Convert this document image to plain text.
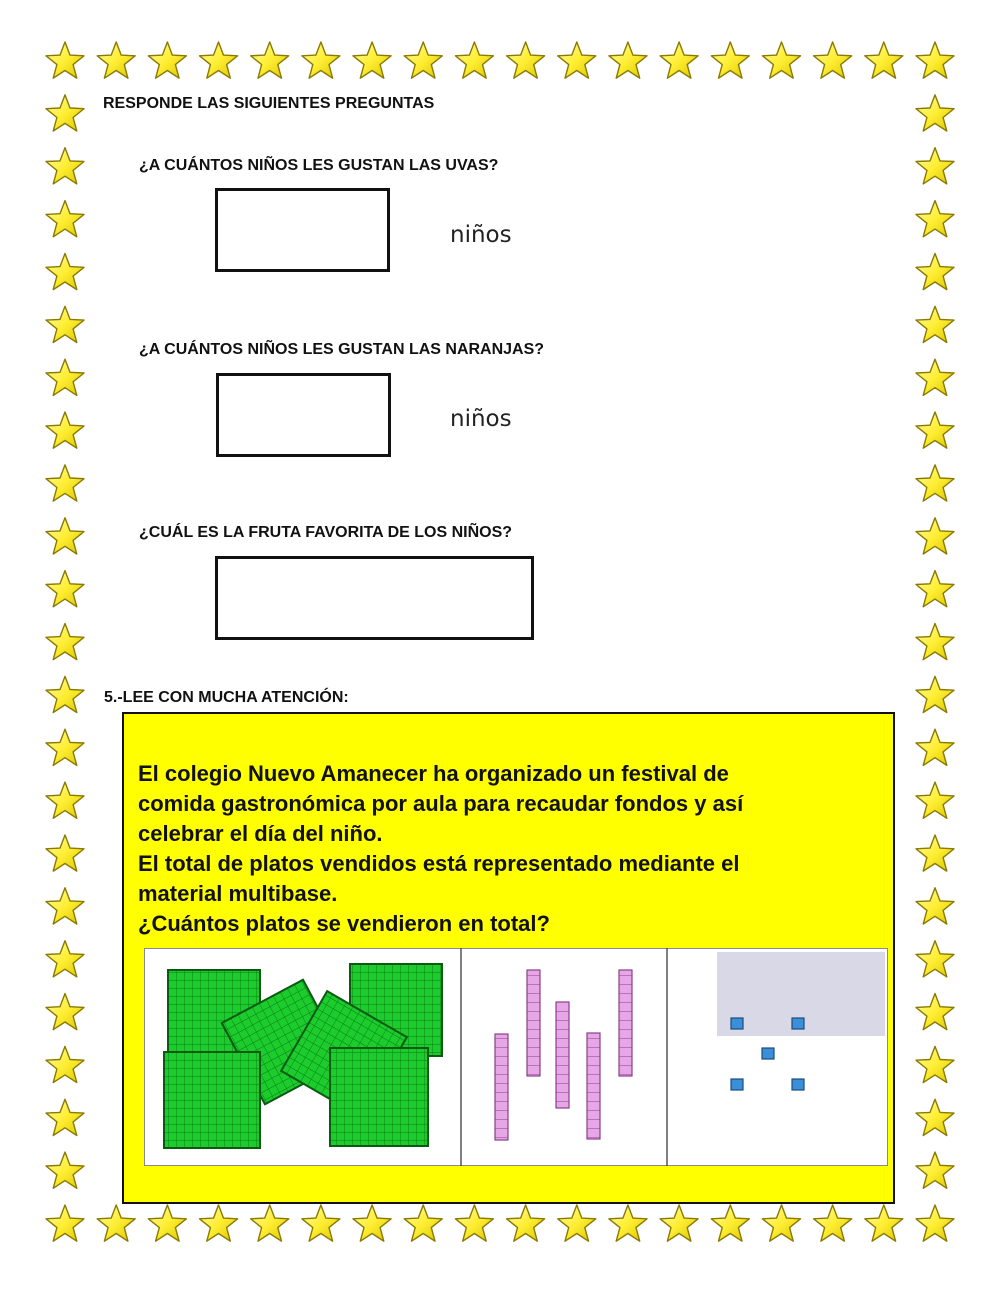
RESPONDE LAS SIGUIENTES PREGUNTAS

¿A CUÁNTOS NIÑOS LES GUSTAN LAS UVAS?

niños

¿A CUÁNTOS NIÑOS LES GUSTAN LAS NARANJAS?

niños

¿CUÁL ES LA FRUTA FAVORITA DE LOS NIÑOS?

5.-LEE CON MUCHA ATENCIÓN:

El colegio Nuevo Amanecer ha organizado un festival de

comida gastronómica por aula para recaudar fondos y así

celebrar el día del niño.

El total de platos vendidos está representado mediante el

material multibase.

¿Cuántos platos se vendieron en total?
